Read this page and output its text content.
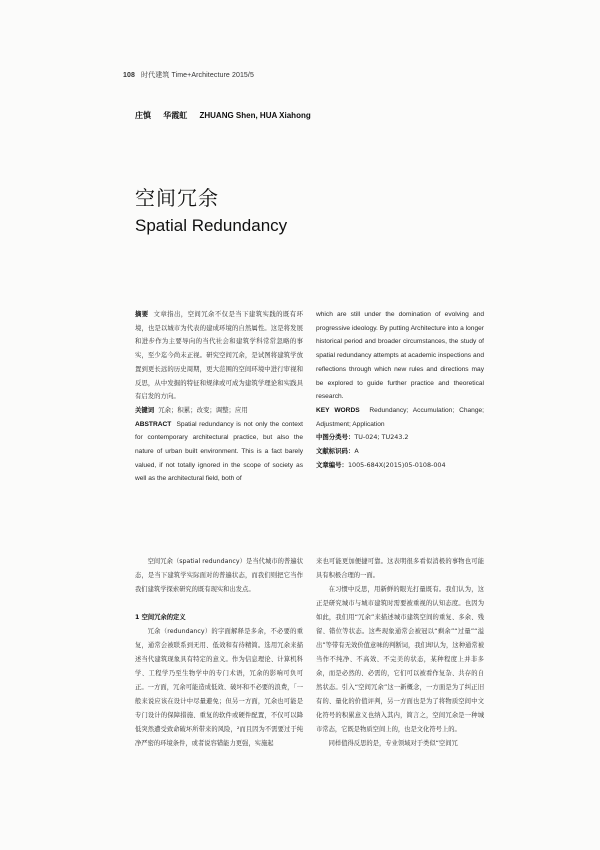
108 时代建筑 Time+Architecture 2015/5
庄慎 华霞虹 ZHUANG Shen, HUA Xiahong
空间冗余
Spatial Redundancy

摘要 文章指出，空间冗余不仅是当下建筑实践的既有环境，也是以城市为代表的建成环境的自然属性。这是将发展和进步作为主要导向的当代社会和建筑学科常常忽略的事实，至少迄今尚未正视。研究空间冗余，是试图将建筑学放置到更长远的历史周期，更大范围的空间环境中进行审视和反思，从中发掘的特征和规律或可成为建筑学理论和实践具有启发的方向。

关键词 冗余；积累；改变；调整；应用

ABSTRACT Spatial redundancy is not only the context for contemporary architectural practice, but also the nature of urban built environment. This is a fact barely valued, if not totally ignored in the scope of society as well as the architectural field, both of

which are still under the domination of evolving and progressive ideology. By putting Architecture into a longer historical period and broader circumstances, the study of spatial redundancy attempts at academic inspections and reflections through which new rules and directions may be explored to guide further practice and theoretical research.

KEY WORDS Redundancy; Accumulation; Change; Adjustment; Application

中图分类号：TU-024; TU243.2

文献标识码：A

文章编号：1005-684X(2015)05-0108-004

空间冗余（spatial redundancy）是当代城市的普遍状态，是当下建筑学实际面对的普遍状态，而我们则把它当作我们建筑学探索研究的既有现实和出发点。

1 空间冗余的定义

冗余（redundancy）的字面解释是多余，不必要的重复，通常会被联系到无用、低效和有待精简。选用冗余来描述当代建筑现象具有特定的意义。作为信息理论、计算机科学、工程学乃至生物学中的专门术语，冗余的影响可负可正。一方面，冗余可能造成低效、破坏和不必要的浪费，「一般来说应该在设计中尽量避免；但另一方面，冗余也可能是专门设计的保障措施、重复的软件或硬件配置，不仅可以降低突然遭受致命破坏所带来的风险，²而且因为不需要过于纯净严密的环境条件，或者说容错能力更强，实施起

来也可能更加便捷可靠。这表明很多看似消极的事物也可能具有积极合理的一面。

在习惯中反思，用新鲜的眼光打量既有。我们认为，这正是研究城市与城市建筑时需要被重视的认知态度。也因为如此，我们用“冗余”来描述城市建筑空间的重复、多余、残留、错位等状态。这些现象通常会被冠以“剩余”“过量”“溢出”等带有无效价值意味的判断词，我们却认为，这种通常被当作不纯净、不高效、不完美的状态，某种程度上并非多余，而是必然的、必需的，它们可以被看作复杂、共存的自然状态。引入“空间冗余”这一新概念，一方面是为了纠正旧有的、量化的价值评判，另一方面也是为了将物质空间中文化符号的积累意义也纳入其内，简言之，空间冗余是一种城市常态，它既是物质空间上的，也是文化符号上的。

同样值得反思的是，专业领域对于类似“空间冗
